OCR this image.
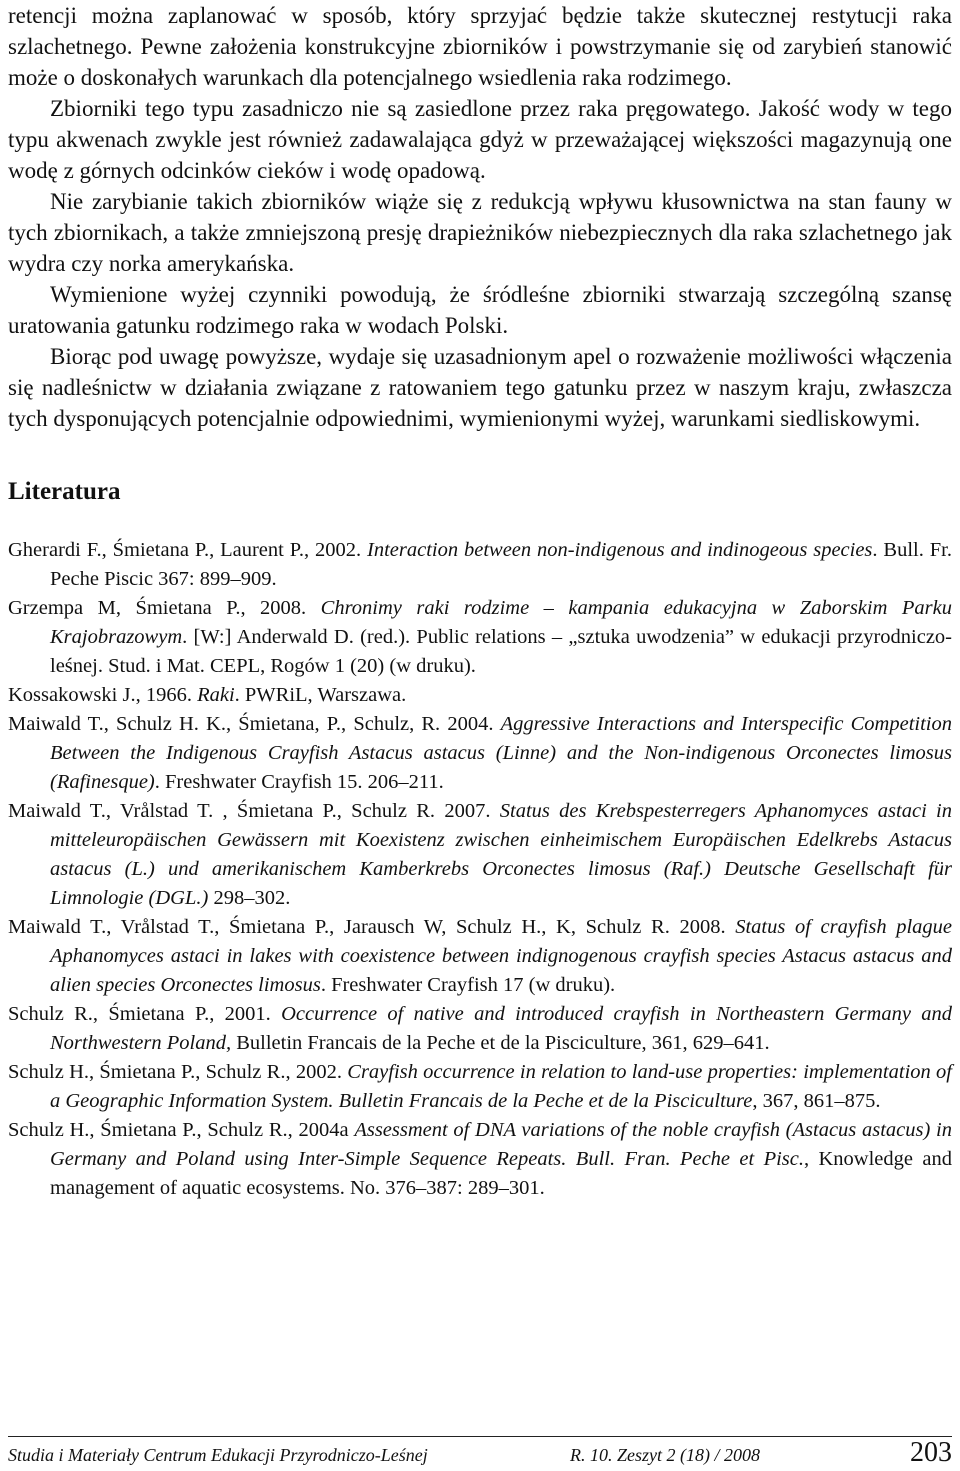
retencji można zaplanować w sposób, który sprzyjać będzie także skutecznej restytucji raka szlachetnego. Pewne założenia konstrukcyjne zbiorników i powstrzymanie się od zarybień stanowić może o doskonałych warunkach dla potencjalnego wsiedlenia raka rodzimego.

Zbiorniki tego typu zasadniczo nie są zasiedlone przez raka pręgowatego. Jakość wody w tego typu akwenach zwykle jest również zadawalająca gdyż w przeważającej większości magazynują one wodę z górnych odcinków cieków i wodę opadową.

Nie zarybianie takich zbiorników wiąże się z redukcją wpływu kłusownictwa na stan fauny w tych zbiornikach, a także zmniejszoną presję drapieżników niebezpiecznych dla raka szlachetnego jak wydra czy norka amerykańska.

Wymienione wyżej czynniki powodują, że śródleśne zbiorniki stwarzają szczególną szansę uratowania gatunku rodzimego raka w wodach Polski.

Biorąc pod uwagę powyższe, wydaje się uzasadnionym apel o rozważenie możliwości włączenia się nadleśnictw w działania związane z ratowaniem tego gatunku przez w naszym kraju, zwłaszcza tych dysponujących potencjalnie odpowiednimi, wymienionymi wyżej, warunkami siedliskowymi.

Literatura

Gherardi F., Śmietana P., Laurent P., 2002. Interaction between non-indigenous and indinogeous species. Bull. Fr. Peche Piscic 367: 899–909.

Grzempa M, Śmietana P., 2008. Chronimy raki rodzime – kampania edukacyjna w Zaborskim Parku Krajobrazowym. [W:] Anderwald D. (red.). Public relations – „sztuka uwodzenia” w edukacji przyrodniczo-leśnej. Stud. i Mat. CEPL, Rogów 1 (20) (w druku).

Kossakowski J., 1966. Raki. PWRiL, Warszawa.

Maiwald T., Schulz H. K., Śmietana, P., Schulz, R. 2004. Aggressive Interactions and Interspecific Competition Between the Indigenous Crayfish Astacus astacus (Linne) and the Non-indigenous Orconectes limosus (Rafinesque). Freshwater Crayfish 15. 206–211.

Maiwald T., Vrålstad T. , Śmietana P., Schulz R. 2007. Status des Krebspesterregers Aphanomyces astaci in mitteleuropäischen Gewässern mit Koexistenz zwischen einheimischem Europäischen Edelkrebs Astacus astacus (L.) und amerikanischem Kamberkrebs Orconectes limosus (Raf.) Deutsche Gesellschaft für Limnologie (DGL.) 298–302.

Maiwald T., Vrålstad T., Śmietana P., Jarausch W, Schulz H., K, Schulz R. 2008. Status of crayfish plague Aphanomyces astaci in lakes with coexistence between indignogenous crayfish species Astacus astacus and alien species Orconectes limosus. Freshwater Crayfish 17 (w druku).

Schulz R., Śmietana P., 2001. Occurrence of native and introduced crayfish in Northeastern Germany and Northwestern Poland, Bulletin Francais de la Peche et de la Pisciculture, 361, 629–641.

Schulz H., Śmietana P., Schulz R., 2002. Crayfish occurrence in relation to land-use properties: implementation of a Geographic Information System. Bulletin Francais de la Peche et de la Pisciculture, 367, 861–875.

Schulz H., Śmietana P., Schulz R., 2004a Assessment of DNA variations of the noble crayfish (Astacus astacus) in Germany and Poland using Inter-Simple Sequence Repeats. Bull. Fran. Peche et Pisc., Knowledge and management of aquatic ecosystems. No. 376–387: 289–301.

Studia i Materiały Centrum Edukacji Przyrodniczo-Leśnej	R. 10. Zeszyt 2 (18) / 2008	203
